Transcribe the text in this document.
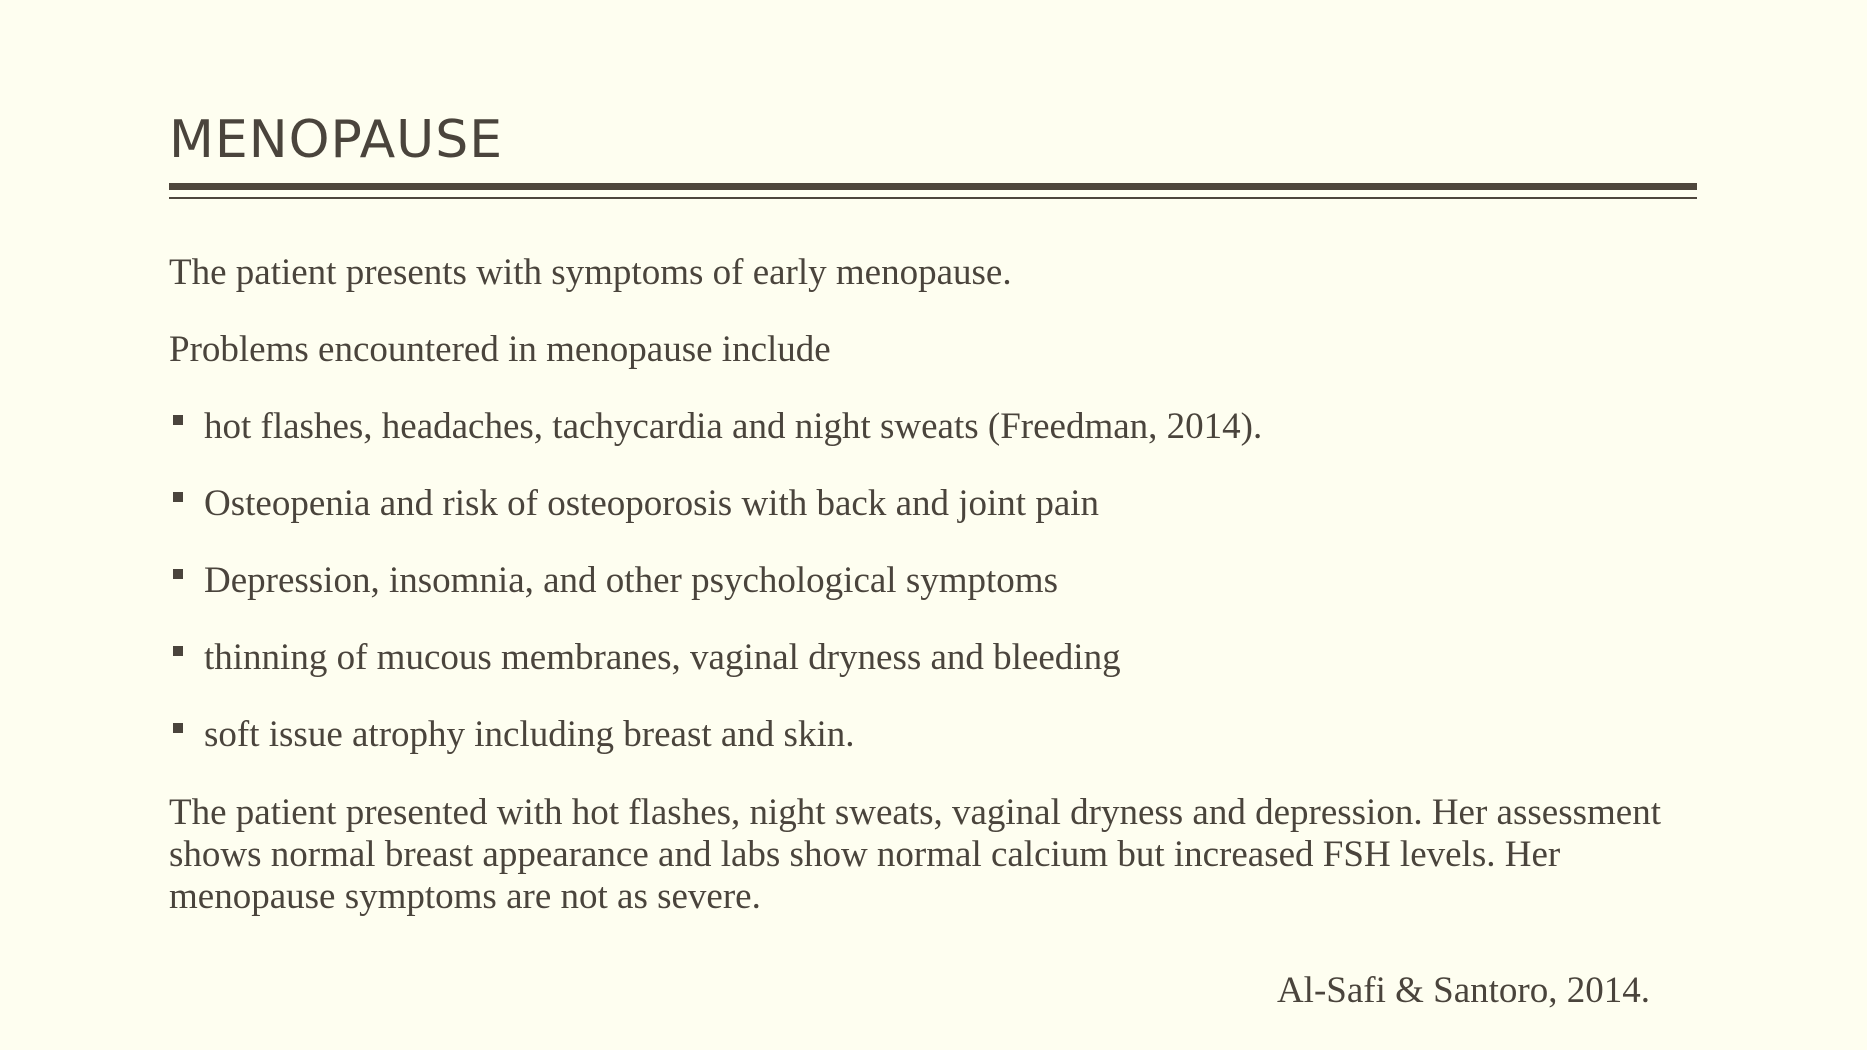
MENOPAUSE

The patient presents with symptoms of early menopause.

Problems encountered in menopause include

hot flashes, headaches, tachycardia and night sweats (Freedman, 2014).
Osteopenia and risk of osteoporosis with back and joint pain
Depression, insomnia, and other psychological symptoms
thinning of mucous membranes, vaginal dryness and bleeding
soft issue atrophy including breast and skin.

The patient presented with hot flashes, night sweats, vaginal dryness and depression. Her assessment shows normal breast appearance and labs show normal calcium but increased FSH levels. Her menopause symptoms are not as severe.

Al-Safi & Santoro, 2014.
